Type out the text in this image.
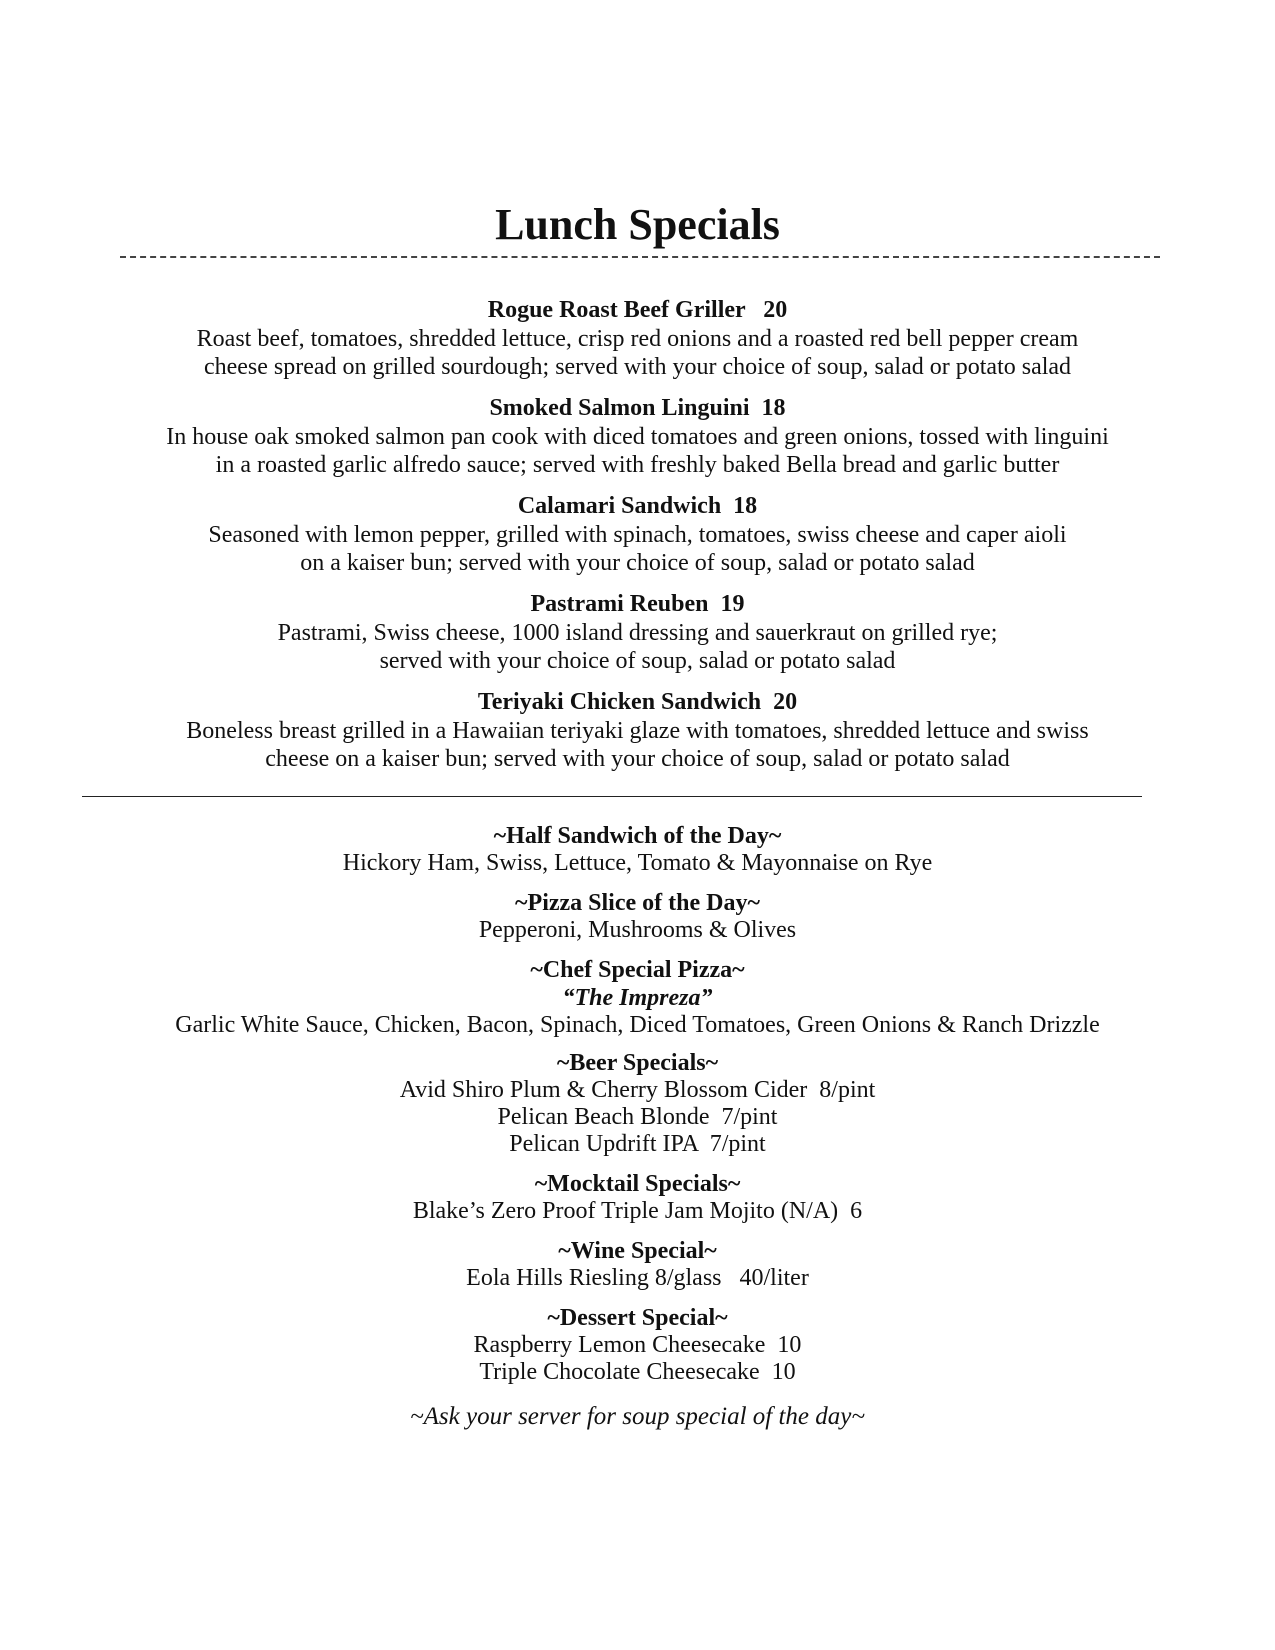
Lunch Specials
Rogue Roast Beef Griller   20
Roast beef, tomatoes, shredded lettuce, crisp red onions and a roasted red bell pepper cream
cheese spread on grilled sourdough; served with your choice of soup, salad or potato salad
Smoked Salmon Linguini  18
In house oak smoked salmon pan cook with diced tomatoes and green onions, tossed with linguini
in a roasted garlic alfredo sauce; served with freshly baked Bella bread and garlic butter
Calamari Sandwich  18
Seasoned with lemon pepper, grilled with spinach, tomatoes, swiss cheese and caper aioli
on a kaiser bun; served with your choice of soup, salad or potato salad
Pastrami Reuben  19
Pastrami, Swiss cheese, 1000 island dressing and sauerkraut on grilled rye;
served with your choice of soup, salad or potato salad
Teriyaki Chicken Sandwich  20
Boneless breast grilled in a Hawaiian teriyaki glaze with tomatoes, shredded lettuce and swiss
cheese on a kaiser bun; served with your choice of soup, salad or potato salad
~Half Sandwich of the Day~
Hickory Ham, Swiss, Lettuce, Tomato & Mayonnaise on Rye
~Pizza Slice of the Day~
Pepperoni, Mushrooms & Olives
~Chef Special Pizza~
“The Impreza”
Garlic White Sauce, Chicken, Bacon, Spinach, Diced Tomatoes, Green Onions & Ranch Drizzle
~Beer Specials~
Avid Shiro Plum & Cherry Blossom Cider  8/pint
Pelican Beach Blonde  7/pint
Pelican Updrift IPA  7/pint
~Mocktail Specials~
Blake’s Zero Proof Triple Jam Mojito (N/A)  6
~Wine Special~
Eola Hills Riesling 8/glass   40/liter
~Dessert Special~
Raspberry Lemon Cheesecake  10
Triple Chocolate Cheesecake  10
~Ask your server for soup special of the day~
